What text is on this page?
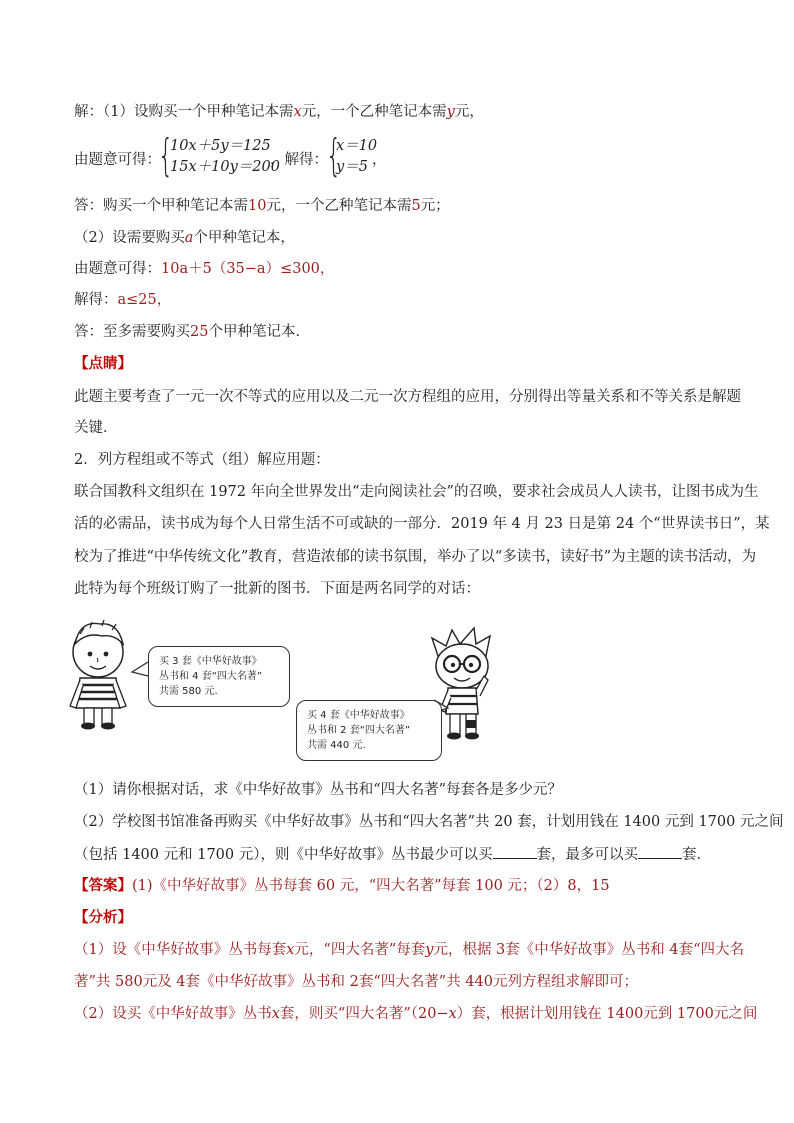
解：（1）设购买一个甲种笔记本需x元，一个乙种笔记本需y元，
由题意可得：
{
10x＋5y＝125
15x＋10y＝200
，解得：
{
x＝10
y＝5 ，
答：购买一个甲种笔记本需10元，一个乙种笔记本需5元；
（2）设需要购买a个甲种笔记本，
由题意可得：10a＋5（35−a）≤300，
解得：a≤25，
答：至多需要购买25个甲种笔记本．
【点睛】
此题主要考查了一元一次不等式的应用以及二元一次方程组的应用，分别得出等量关系和不等关系是解题
关键．
2．列方程组或不等式（组）解应用题：
联合国教科文组织在 1972 年向全世界发出“走向阅读社会”的召唤，要求社会成员人人读书，让图书成为生
活的必需品，读书成为每个人日常生活不可或缺的一部分．2019 年 4 月 23 日是第 24 个“世界读书日”，某
校为了推进“中华传统文化”教育，营造浓郁的读书氛围，举办了以“多读书，读好书”为主题的读书活动，为
此特为每个班级订购了一批新的图书．下面是两名同学的对话：
买 3 套《中华好故事》
丛书和 4 套“四大名著”
共需 580 元.
买 4 套《中华好故事》
丛书和 2 套“四大名著”
共需 440 元.
（1）请你根据对话，求《中华好故事》丛书和“四大名著”每套各是多少元？
（2）学校图书馆准备再购买《中华好故事》丛书和“四大名著”共 20 套，计划用钱在 1400 元到 1700 元之间
（包括 1400 元和 1700 元），则《中华好故事》丛书最少可以买	套，最多可以买	套．
【答案】(1)《中华好故事》丛书每套 60 元，“四大名著”每套 100 元；（2）8，15
【分析】
（1）设《中华好故事》丛书每套x元，“四大名著”每套y元，根据 3套《中华好故事》丛书和 4套“四大名
著”共 580元及 4套《中华好故事》丛书和 2套“四大名著”共 440元列方程组求解即可；
（2）设买《中华好故事》丛书x套，则买“四大名著”（20−x）套，根据计划用钱在 1400元到 1700元之间
